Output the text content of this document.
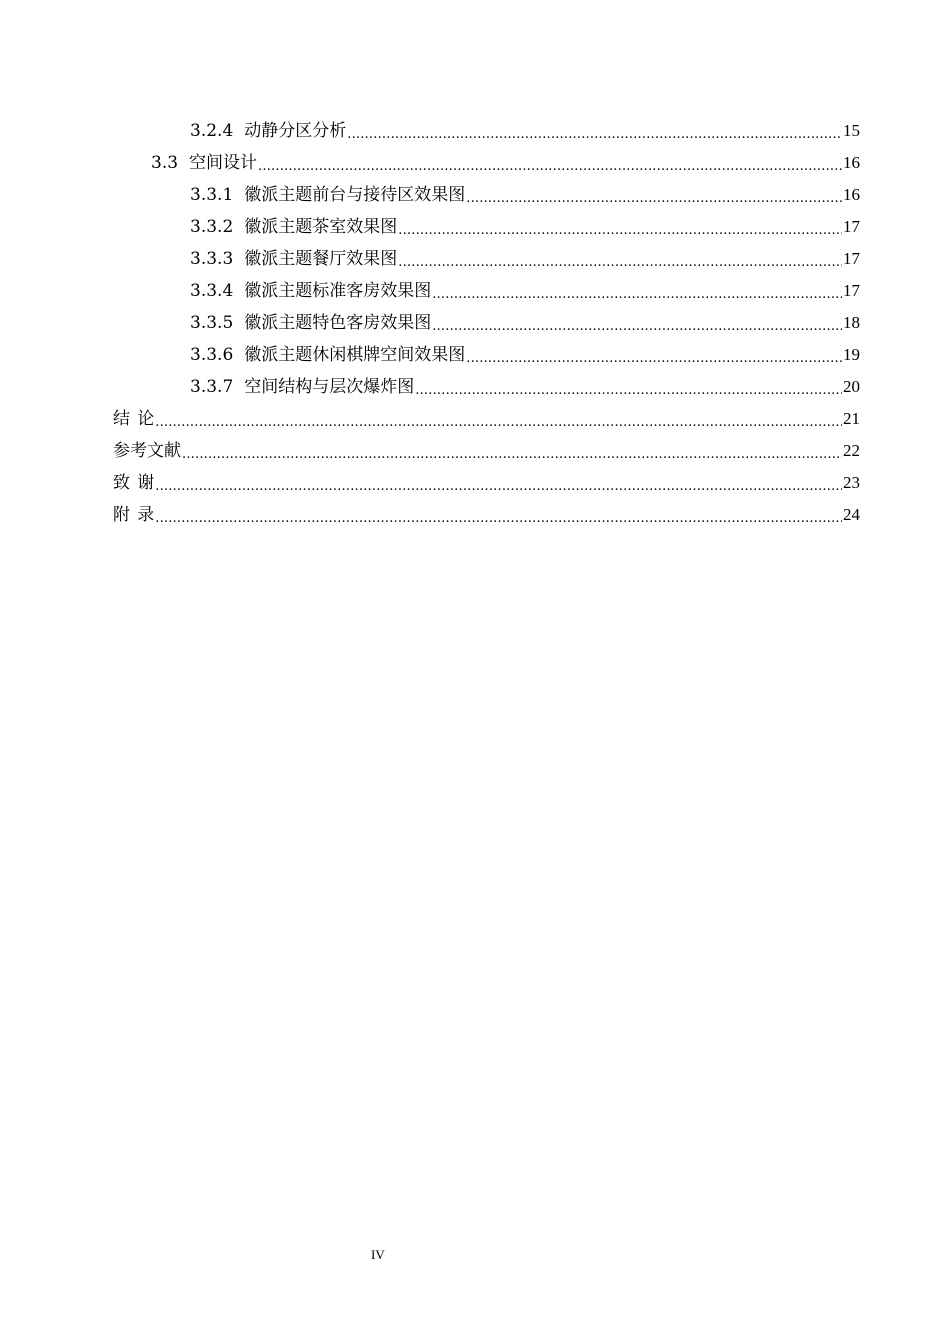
3.2.4 动静分区分析 .....	15
3.3 空间设计 .....	16
3.3.1 徽派主题前台与接待区效果图 .....	16
3.3.2 徽派主题茶室效果图 .....	17
3.3.3 徽派主题餐厅效果图 .....	17
3.3.4 徽派主题标准客房效果图 .....	17
3.3.5 徽派主题特色客房效果图 .....	18
3.3.6 徽派主题休闲棋牌空间效果图 .....	19
3.3.7 空间结构与层次爆炸图 .....	20
结论 .....	21
参考文献 .....	22
致谢 .....	23
附录 .....	24
IV
